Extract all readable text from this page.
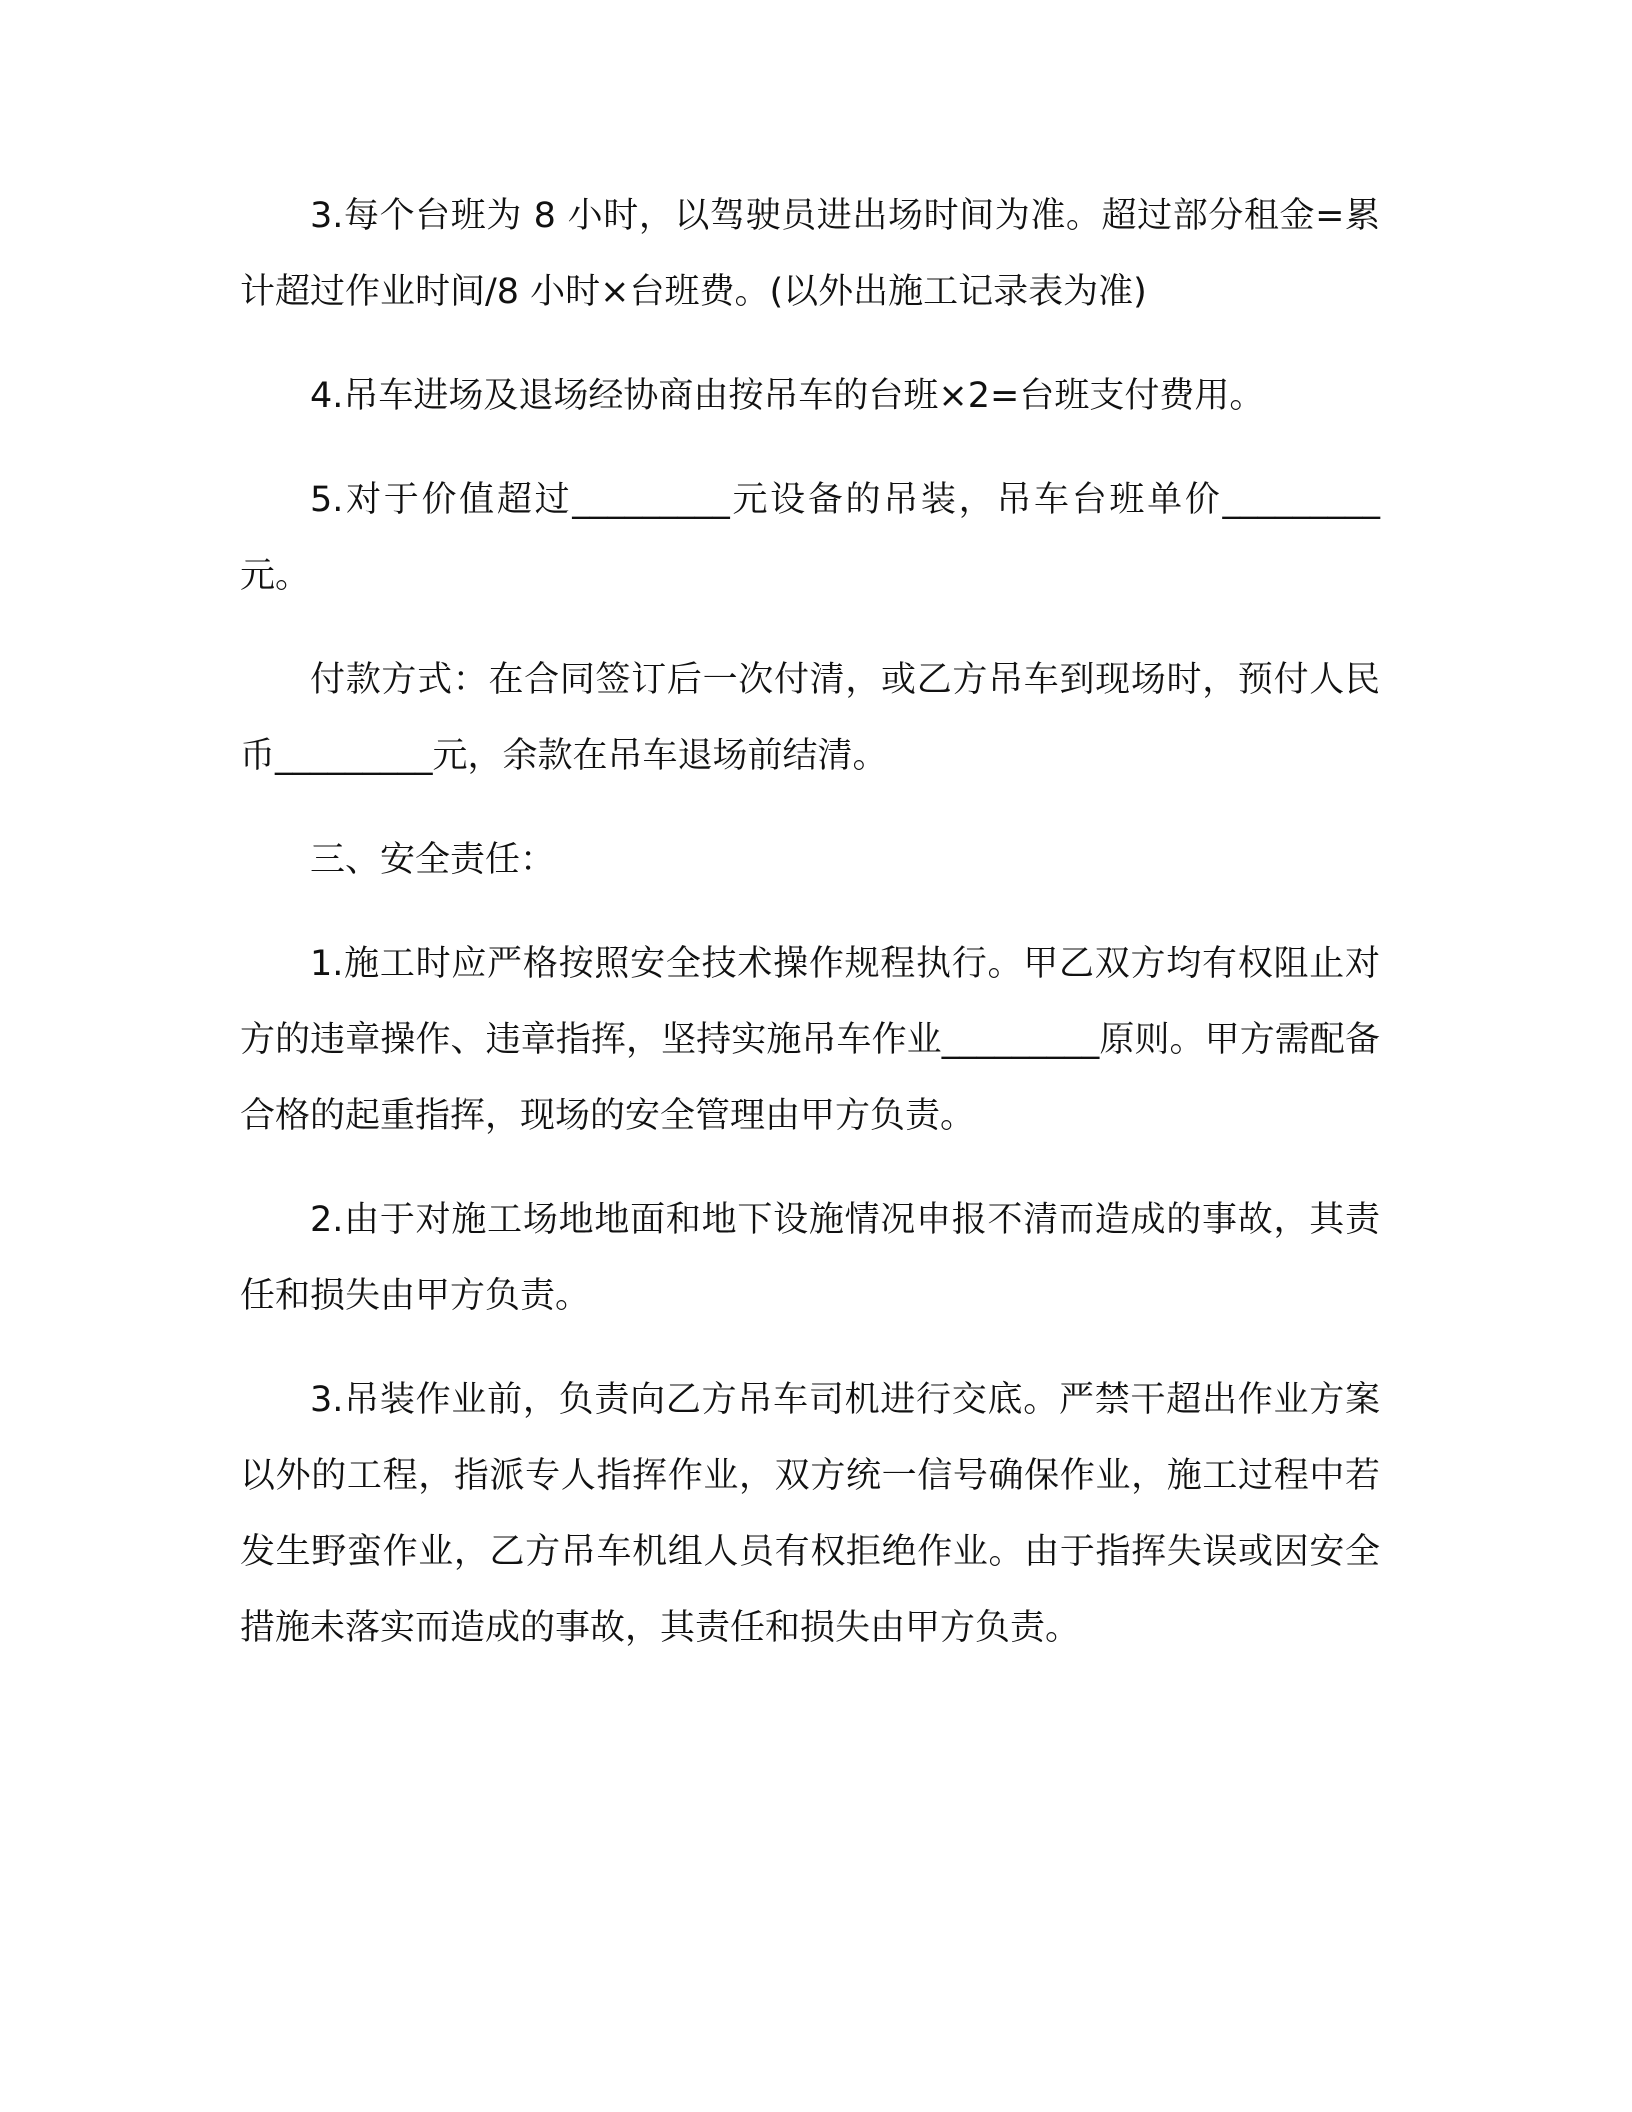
3.每个台班为 8 小时，以驾驶员进出场时间为准。超过部分租金=累计超过作业时间/8 小时×台班费。(以外出施工记录表为准)

4.吊车进场及退场经协商由按吊车的台班×2=台班支付费用。

5.对于价值超过_________元设备的吊装，吊车台班单价_________元。

付款方式：在合同签订后一次付清，或乙方吊车到现场时，预付人民币_________元，余款在吊车退场前结清。

三、安全责任：

1.施工时应严格按照安全技术操作规程执行。甲乙双方均有权阻止对方的违章操作、违章指挥，坚持实施吊车作业_________原则。甲方需配备合格的起重指挥，现场的安全管理由甲方负责。

2.由于对施工场地地面和地下设施情况申报不清而造成的事故，其责任和损失由甲方负责。

3.吊装作业前，负责向乙方吊车司机进行交底。严禁干超出作业方案以外的工程，指派专人指挥作业，双方统一信号确保作业，施工过程中若发生野蛮作业，乙方吊车机组人员有权拒绝作业。由于指挥失误或因安全措施未落实而造成的事故，其责任和损失由甲方负责。
